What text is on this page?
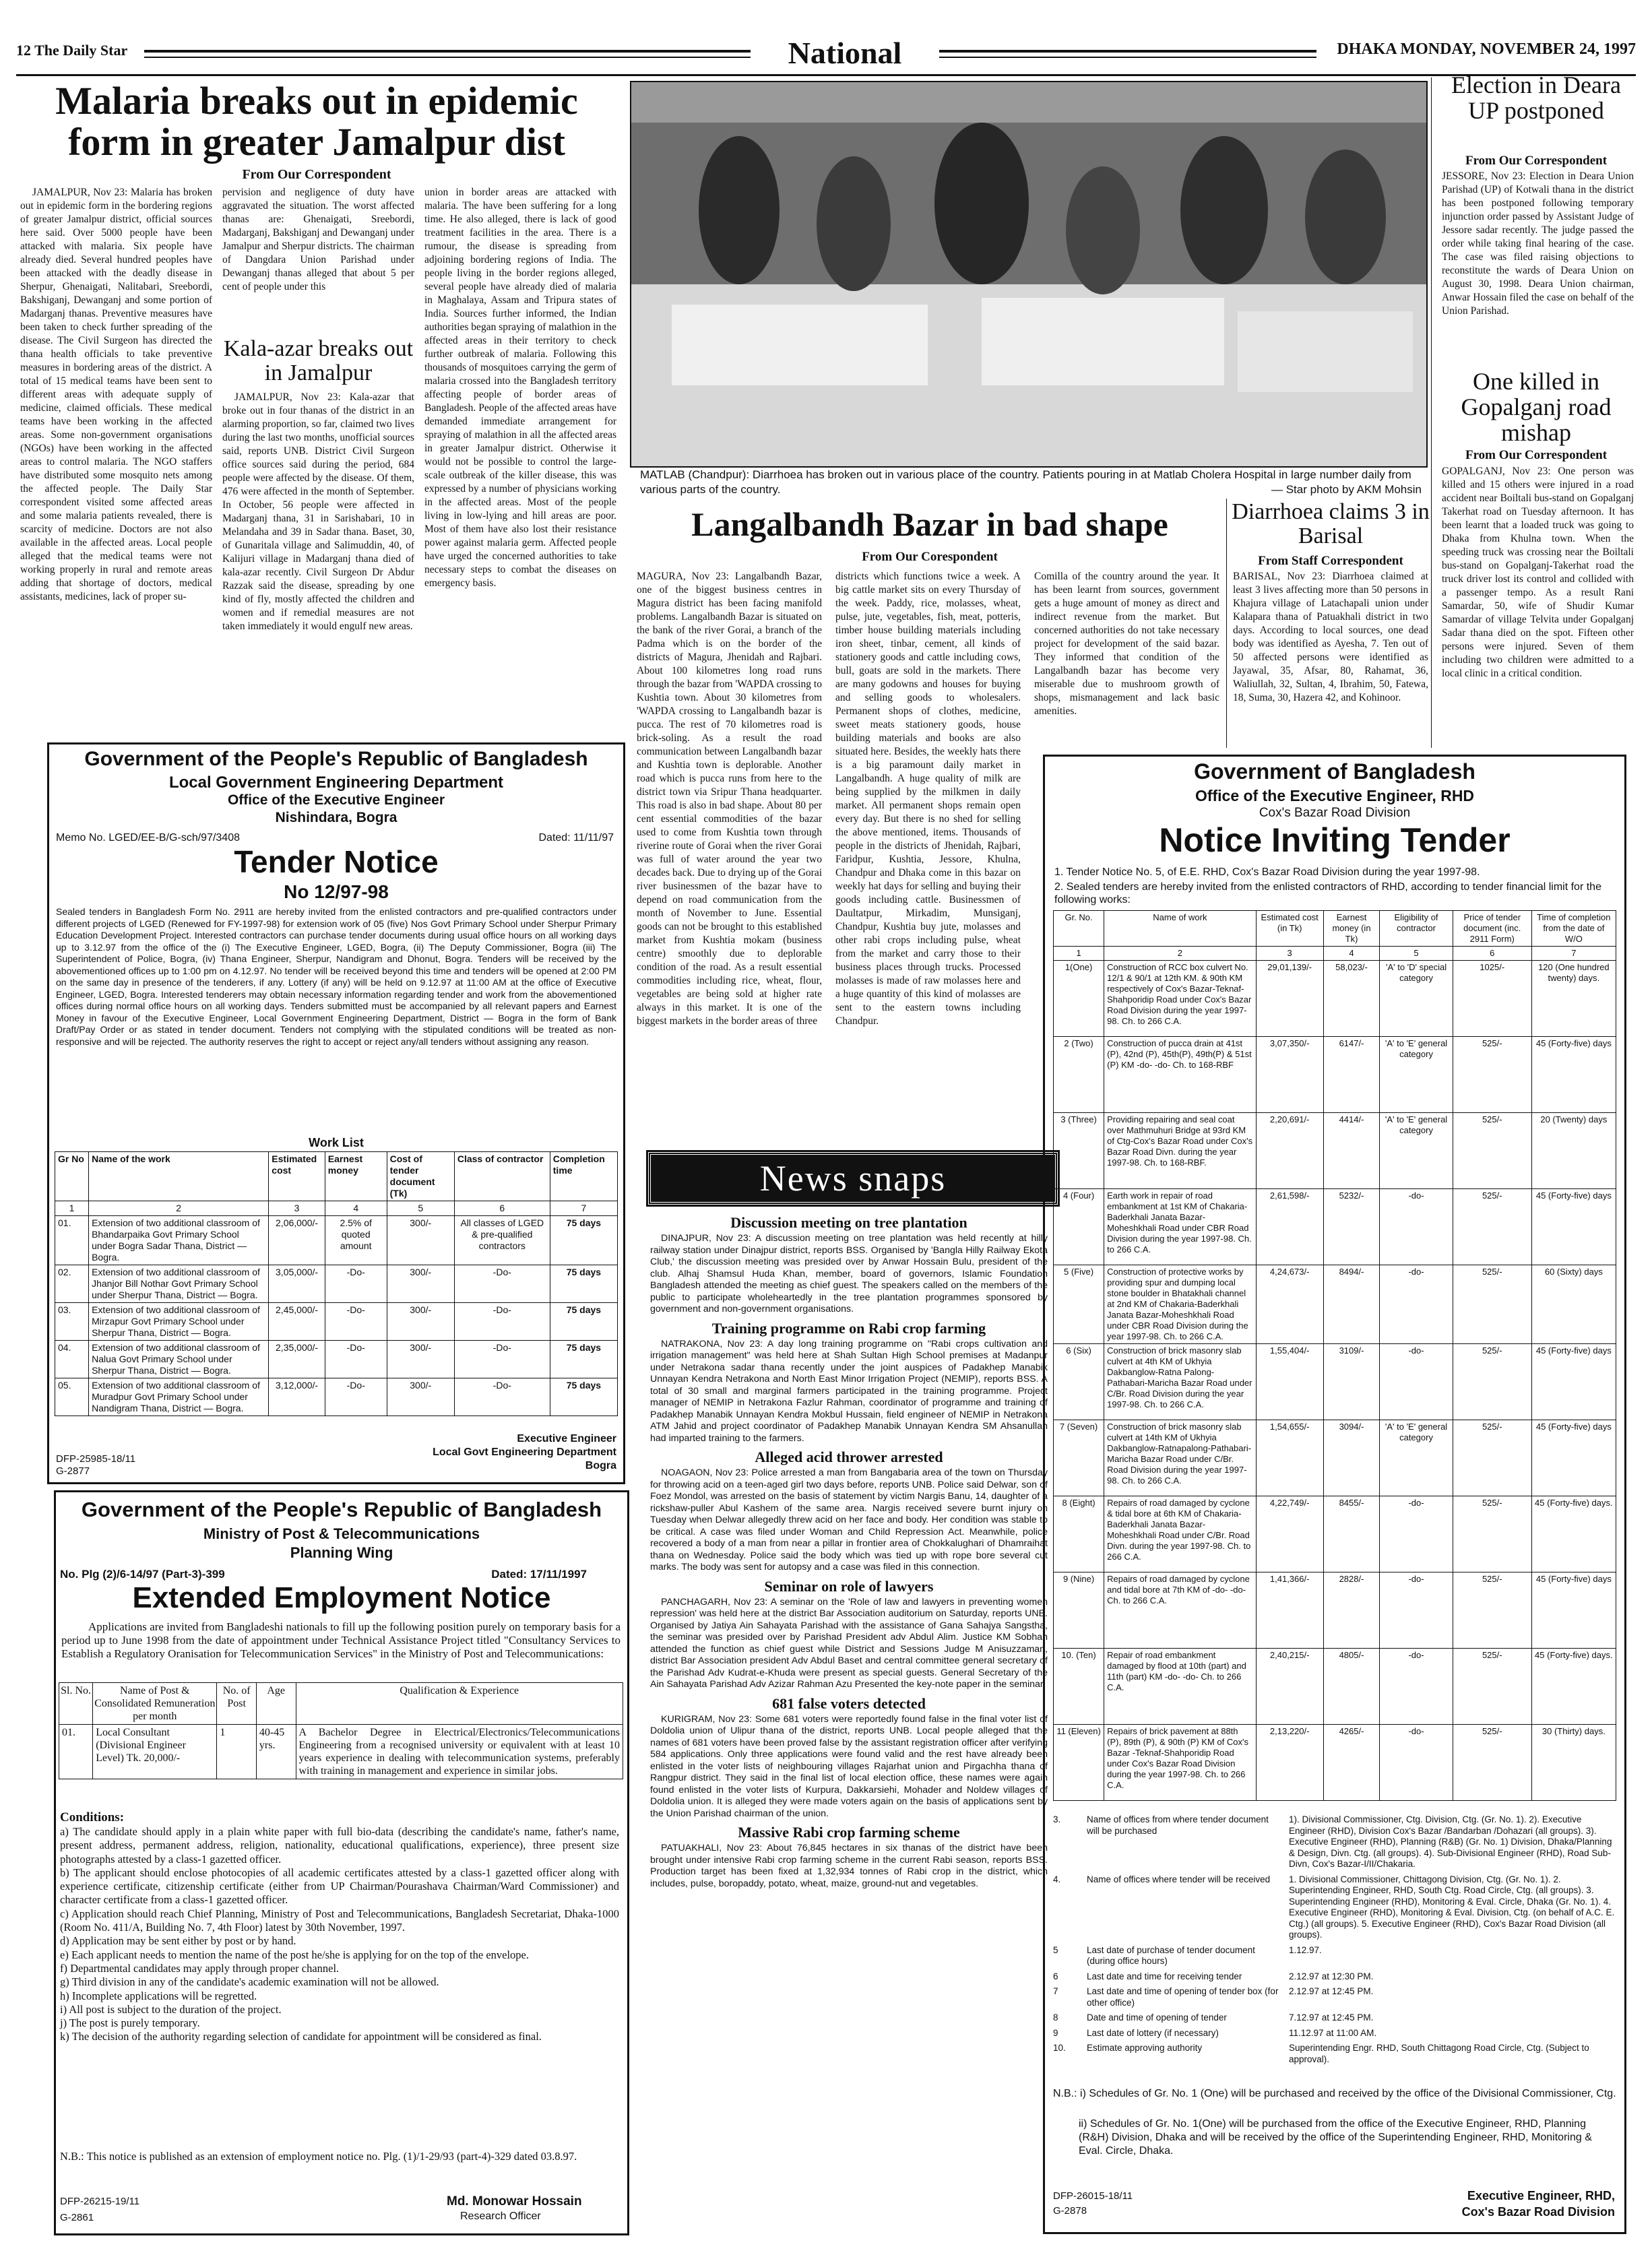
12 The Daily Star	National	DHAKA MONDAY, NOVEMBER 24, 1997
Malaria breaks out in epidemic form in greater Jamalpur dist
From Our Correspondent
JAMALPUR, Nov 23: Malaria has broken out in epidemic form in the bordering regions of greater Jamalpur district, official sources here said. Over 5000 people have been attacked with malaria. Six people have already died. Several hundred peoples have been attacked with the deadly disease in Sherpur, Ghenaigati, Nalitabari, Sreebordi, Bakshiganj, Dewanganj and some portion of Madarganj thanas. Preventive measures have been taken to check further spreading of the disease. The Civil Surgeon has directed the thana health officials to take preventive measures in bordering areas of the district. A total of 15 medical teams have been sent to different areas with adequate supply of medicine, claimed officials. These medical teams have been working in the affected areas. Some non-government organisations (NGOs) have been working in the affected areas to control malaria. The NGO staffers have distributed some mosquito nets among the affected people. The Daily Star correspondent visited some affected areas and some malaria patients revealed, there is scarcity of medicine. Doctors are not also available in the affected areas. Local people alleged that the medical teams were not working properly in rural and remote areas adding that shortage of doctors, medical assistants, medicines, lack of proper su-
pervision and negligence of duty have aggravated the situation. The worst affected thanas are: Ghenaigati, Sreebordi, Madarganj, Bakshiganj and Dewanganj under Jamalpur and Sherpur districts. The chairman of Dangdara Union Parishad under Dewanganj thanas alleged that about 5 per cent of people under this
Kala-azar breaks out in Jamalpur
JAMALPUR, Nov 23: Kala-azar that broke out in four thanas of the district in an alarming proportion, so far, claimed two lives during the last two months, unofficial sources said, reports UNB. District Civil Surgeon office sources said during the period, 684 people were affected by the disease. Of them, 476 were affected in the month of September. In October, 56 people were affected in Madarganj thana, 31 in Sarishabari, 10 in Melandaha and 39 in Sadar thana. Baset, 30, of Gunaritala village and Salimuddin, 40, of Kalijuri village in Madarganj thana died of kala-azar recently. Civil Surgeon Dr Abdur Razzak said the disease, spreading by one kind of fly, mostly affected the children and women and if remedial measures are not taken immediately it would engulf new areas.
union in border areas are attacked with malaria. The have been suffering for a long time. He also alleged, there is lack of good treatment facilities in the area. There is a rumour, the disease is spreading from adjoining bordering regions of India. The people living in the border regions alleged, several people have already died of malaria in Maghalaya, Assam and Tripura states of India. Sources further informed, the Indian authorities began spraying of malathion in the affected areas in their territory to check further outbreak of malaria. Following this thousands of mosquitoes carrying the germ of malaria crossed into the Bangladesh territory affecting people of border areas of Bangladesh. People of the affected areas have demanded immediate arrangement for spraying of malathion in all the affected areas in greater Jamalpur district. Otherwise it would not be possible to control the large-scale outbreak of the killer disease, this was expressed by a number of physicians working in the affected areas. Most of the people living in low-lying and hill areas are poor. Most of them have also lost their resistance power against malaria germ. Affected people have urged the concerned authorities to take necessary steps to combat the diseases on emergency basis.
MATLAB (Chandpur): Diarrhoea has broken out in various place of the country. Patients pouring in at Matlab Cholera Hospital in large number daily from various parts of the country.	— Star photo by AKM Mohsin
Election in Deara UP postponed
From Our Correspondent
JESSORE, Nov 23: Election in Deara Union Parishad (UP) of Kotwali thana in the district has been postponed following temporary injunction order passed by Assistant Judge of Jessore sadar recently. The judge passed the order while taking final hearing of the case. The case was filed raising objections to reconstitute the wards of Deara Union on August 30, 1998. Deara Union chairman, Anwar Hossain filed the case on behalf of the Union Parishad.
One killed in Gopalganj road mishap
From Our Correspondent
GOPALGANJ, Nov 23: One person was killed and 15 others were injured in a road accident near Boiltali bus-stand on Gopalganj Takerhat road on Tuesday afternoon. It has been learnt that a loaded truck was going to Dhaka from Khulna town. When the speeding truck was crossing near the Boiltali bus-stand on Gopalganj-Takerhat road the truck driver lost its control and collided with a passenger tempo. As a result Rani Samardar, 50, wife of Shudir Kumar Samardar of village Telvita under Gopalganj Sadar thana died on the spot. Fifteen other persons were injured. Seven of them including two children were admitted to a local clinic in a critical condition.
Diarrhoea claims 3 in Barisal
From Staff Correspondent
BARISAL, Nov 23: Diarrhoea claimed at least 3 lives affecting more than 50 persons in Khajura village of Latachapali union under Kalapara thana of Patuakhali district in two days. According to local sources, one dead body was identified as Ayesha, 7. Ten out of 50 affected persons were identified as Jayawal, 35, Afsar, 80, Rahamat, 36, Waliullah, 32, Sultan, 4, Ibrahim, 50, Fatewa, 18, Suma, 30, Hazera 42, and Kohinoor.
Langalbandh Bazar in bad shape
From Our Corespondent
MAGURA, Nov 23: Langalbandh Bazar, one of the biggest business centres in Magura district has been facing manifold problems. Langalbandh Bazar is situated on the bank of the river Gorai, a branch of the Padma which is on the border of the districts of Magura, Jhenidah and Rajbari. About 100 kilometres long road runs through the bazar from 'WAPDA crossing to Kushtia town. About 30 kilometres from 'WAPDA crossing to Langalbandh bazar is pucca. The rest of 70 kilometres road is brick-soling. As a result the road communication between Langalbandh bazar and Kushtia town is deplorable. Another road which is pucca runs from here to the district town via Sripur Thana headquarter. This road is also in bad shape. About 80 per cent essential commodities of the bazar used to come from Kushtia town through riverine route of Gorai when the river Gorai was full of water around the year two decades back. Due to drying up of the Gorai river businessmen of the bazar have to depend on road communication from the month of November to June. Essential goods can not be brought to this established market from Kushtia mokam (business centre) smoothly due to deplorable condition of the road. As a result essential commodities including rice, wheat, flour, vegetables are being sold at higher rate always in this market. It is one of the biggest markets in the border areas of three
districts which functions twice a week. A big cattle market sits on every Thursday of the week. Paddy, rice, molasses, wheat, pulse, jute, vegetables, fish, meat, potteris, timber house building materials including iron sheet, tinbar, cement, all kinds of stationery goods and cattle including cows, bull, goats are sold in the markets. There are many godowns and houses for buying and selling goods to wholesalers. Permanent shops of clothes, medicine, sweet meats stationery goods, house building materials and books are also situated here. Besides, the weekly hats there is a big paramount daily market in Langalbandh. A huge quality of milk are being supplied by the milkmen in daily market. All permanent shops remain open every day. But there is no shed for selling the above mentioned, items. Thousands of people in the districts of Jhenidah, Rajbari, Faridpur, Kushtia, Jessore, Khulna, Chandpur and Dhaka come in this bazar on weekly hat days for selling and buying their goods including cattle. Businessmen of Daultatpur, Mirkadim, Munsiganj, Chandpur, Kushtia buy jute, molasses and other rabi crops including pulse, wheat from the market and carry those to their business places through trucks. Processed molasses is made of raw molasses here and a huge quantity of this kind of molasses are sent to the eastern towns including Chandpur.
Comilla of the country around the year. It has been learnt from sources, government gets a huge amount of money as direct and indirect revenue from the market. But concerned authorities do not take necessary project for development of the said bazar. They informed that condition of the Langalbandh bazar has become very miserable due to mushroom growth of shops, mismanagement and lack basic amenities.
Government of the People's Republic of Bangladesh
Local Government Engineering Department
Office of the Executive Engineer
Nishindara, Bogra
Memo No. LGED/EE-B/G-sch/97/3408	Dated: 11/11/97
Tender Notice
No 12/97-98
Sealed tenders in Bangladesh Form No. 2911 are hereby invited from the enlisted contractors and pre-qualified contractors under different projects of LGED (Renewed for FY-1997-98) for extension work of 05 (five) Nos Govt Primary School under Sherpur Primary Education Development Project. Interested contractors can purchase tender documents during usual office hours on all working days up to 3.12.97 from the office of the (i) The Executive Engineer, LGED, Bogra, (ii) The Deputy Commissioner, Bogra (iii) The Superintendent of Police, Bogra, (iv) Thana Engineer, Sherpur, Nandigram and Dhonut, Bogra. Tenders will be received by the abovementioned offices up to 1:00 pm on 4.12.97. No tender will be received beyond this time and tenders will be opened at 2:00 PM on the same day in presence of the tenderers, if any. Lottery (if any) will be held on 9.12.97 at 11:00 AM at the office of Executive Engineer, LGED, Bogra. Interested tenderers may obtain necessary information regarding tender and work from the abovementioned offices during normal office hours on all working days. Tenders submitted must be accompanied by all relevant papers and Earnest Money in favour of the Executive Engineer, Local Government Engineering Department, District — Bogra in the form of Bank Draft/Pay Order or as stated in tender document. Tenders not complying with the stipulated conditions will be treated as non-responsive and will be rejected. The authority reserves the right to accept or reject any/all tenders without assigning any reason.
Work List
Gr No	Name of the work	Estimated cost	Earnest money	Cost of tender document (Tk)	Class of contractor	Completion time
1	2	3	4	5	6	7
01.	Extension of two additional classroom of Bhandarpaika Govt Primary School under Bogra Sadar Thana, District — Bogra.	2,06,000/-	2.5% of quoted amount	300/-	All classes of LGED & pre-qualified contractors	75 days
02.	Extension of two additional classroom of Jhanjor Bill Nothar Govt Primary School under Sherpur Thana, District — Bogra.	3,05,000/-	-Do-	300/-	-Do-	75 days
03.	Extension of two additional classroom of Mirzapur Govt Primary School under Sherpur Thana, District — Bogra.	2,45,000/-	-Do-	300/-	-Do-	75 days
04.	Extension of two additional classroom of Nalua Govt Primary School under Sherpur Thana, District — Bogra.	2,35,000/-	-Do-	300/-	-Do-	75 days
05.	Extension of two additional classroom of Muradpur Govt Primary School under Nandigram Thana, District — Bogra.	3,12,000/-	-Do-	300/-	-Do-	75 days
Executive Engineer
Local Govt Engineering Department
Bogra
DFP-25985-18/11
G-2877
Government of the People's Republic of Bangladesh
Ministry of Post & Telecommunications
Planning Wing
No. Plg (2)/6-14/97 (Part-3)-399	Dated: 17/11/1997
Extended Employment Notice
Applications are invited from Bangladeshi nationals to fill up the following position purely on temporary basis for a period up to June 1998 from the date of appointment under Technical Assistance Project titled "Consultancy Services to Establish a Regulatory Oranisation for Telecommunication Services" in the Ministry of Post and Telecommunications:
Sl. No.	Name of Post & Consolidated Remuneration per month	No. of Post	Age	Qualification & Experience
01.	Local Consultant (Divisional Engineer Level) Tk. 20,000/-	1	40-45 yrs.	A Bachelor Degree in Electrical/Electronics/Telecommunications Engineering from a recognised university or equivalent with at least 10 years experience in dealing with telecommunication systems, preferably with training in management and experience in similar jobs.
Conditions:
a) The candidate should apply in a plain white paper with full bio-data (describing the candidate's name, father's name, present address, permanent address, religion, nationality, educational qualifications, experience), three present size photographs attested by a class-1 gazetted officer.
b) The applicant should enclose photocopies of all academic certificates attested by a class-1 gazetted officer along with experience certificate, citizenship certificate (either from UP Chairman/Pourashava Chairman/Ward Commissioner) and character certificate from a class-1 gazetted officer.
c) Application should reach Chief Planning, Ministry of Post and Telecommunications, Bangladesh Secretariat, Dhaka-1000 (Room No. 411/A, Building No. 7, 4th Floor) latest by 30th November, 1997.
d) Application may be sent either by post or by hand.
e) Each applicant needs to mention the name of the post he/she is applying for on the top of the envelope.
f) Departmental candidates may apply through proper channel.
g) Third division in any of the candidate's academic examination will not be allowed.
h) Incomplete applications will be regretted.
i) All post is subject to the duration of the project.
j) The post is purely temporary.
k) The decision of the authority regarding selection of candidate for appointment will be considered as final.
N.B.: This notice is published as an extension of employment notice no. Plg. (1)/1-29/93 (part-4)-329 dated 03.8.97.
DFP-26215-19/11
G-2861
Md. Monowar Hossain
Research Officer
News snaps
Discussion meeting on tree plantation
DINAJPUR, Nov 23: A discussion meeting on tree plantation was held recently at hilly railway station under Dinajpur district, reports BSS. Organised by 'Bangla Hilly Railway Ekota Club,' the discussion meeting was presided over by Anwar Hossain Bulu, president of the club. Alhaj Shamsul Huda Khan, member, board of governors, Islamic Foundation Bangladesh attended the meeting as chief guest. The speakers called on the members of the public to participate wholeheartedly in the tree plantation programmes sponsored by government and non-government organisations.
Training programme on Rabi crop farming
NATRAKONA, Nov 23: A day long training programme on "Rabi crops cultivation and irrigation management" was held here at Shah Sultan High School premises at Madanpur under Netrakona sadar thana recently under the joint auspices of Padakhep Manabik Unnayan Kendra Netrakona and North East Minor Irrigation Project (NEMIP), reports BSS. A total of 30 small and marginal farmers participated in the training programme. Project manager of NEMIP in Netrakona Fazlur Rahman, coordinator of programme and training of Padakhep Manabik Unnayan Kendra Mokbul Hussain, field engineer of NEMIP in Netrakona ATM Jahid and project coordinator of Padakhep Manabik Unnayan Kendra SM Ahsanullah had imparted training to the farmers.
Alleged acid thrower arrested
NOAGAON, Nov 23: Police arrested a man from Bangabaria area of the town on Thursday for throwing acid on a teen-aged girl two days before, reports UNB. Police said Delwar, son of Foez Mondol, was arrested on the basis of statement by victim Nargis Banu, 14, daughter of a rickshaw-puller Abul Kashem of the same area. Nargis received severe burnt injury on Tuesday when Delwar allegedly threw acid on her face and body. Her condition was stable to be critical. A case was filed under Woman and Child Repression Act. Meanwhile, police recovered a body of a man from near a pillar in frontier area of Chokkalughari of Dhamraihat thana on Wednesday. Police said the body which was tied up with rope bore several cut marks. The body was sent for autopsy and a case was filed in this connection.
Seminar on role of lawyers
PANCHAGARH, Nov 23: A seminar on the 'Role of law and lawyers in preventing women repression' was held here at the district Bar Association auditorium on Saturday, reports UNB. Organised by Jatiya Ain Sahayata Parishad with the assistance of Gana Sahajya Sangstha, the seminar was presided over by Parishad President adv Abdul Alim. Justice KM Sobhan attended the function as chief guest while District and Sessions Judge M Anisuzzaman, district Bar Association president Adv Abdul Baset and central committee general secretary of the Parishad Adv Kudrat-e-Khuda were present as special guests. General Secretary of the Ain Sahayata Parishad Adv Azizar Rahman Azu Presented the key-note paper in the seminar.
681 false voters detected
KURIGRAM, Nov 23: Some 681 voters were reportedly found false in the final voter list of Doldolia union of Ulipur thana of the district, reports UNB. Local people alleged that the names of 681 voters have been proved false by the assistant registration officer after verifying 584 applications. Only three applications were found valid and the rest have already been enlisted in the voter lists of neighbouring villages Rajarhat union and Pirgachha thana of Rangpur district. They said in the final list of local election office, these names were again found enlisted in the voter lists of Kurpura, Dakkarsiehi, Mohader and Noldew villages of Doldolia union. It is alleged they were made voters again on the basis of applications sent by the Union Parishad chairman of the union.
Massive Rabi crop farming scheme
PATUAKHALI, Nov 23: About 76,845 hectares in six thanas of the district have been brought under intensive Rabi crop farming scheme in the current Rabi season, reports BSS. Production target has been fixed at 1,32,934 tonnes of Rabi crop in the district, which includes, pulse, boropaddy, potato, wheat, maize, ground-nut and vegetables.
Government of Bangladesh
Office of the Executive Engineer, RHD
Cox's Bazar Road Division
Notice Inviting Tender
1. Tender Notice No. 5, of E.E. RHD, Cox's Bazar Road Division during the year 1997-98.
2. Sealed tenders are hereby invited from the enlisted contractors of RHD, according to tender financial limit for the following works:
Gr. No.	Name of work	Estimated cost (in Tk)	Earnest money (in Tk)	Eligibility of contractor	Price of tender document (inc. 2911 Form)	Time of completion from the date of W/O
1	2	3	4	5	6	7
1(One)	Construction of RCC box culvert No. 12/1 & 90/1 at 12th KM. & 90th KM respectively of Cox's Bazar-Teknaf-Shahporidip Road under Cox's Bazar Road Division during the year 1997-98. Ch. to 266 C.A.	29,01,139/-	58,023/-	'A' to 'D' special category	1025/-	120 (One hundred twenty) days.
2 (Two)	Construction of pucca drain at 41st (P), 42nd (P), 45th(P), 49th(P) & 51st (P) KM -do- -do- Ch. to 168-RBF	3,07,350/-	6147/-	'A' to 'E' general category	525/-	45 (Forty-five) days
3 (Three)	Providing repairing and seal coat over Mathmuhuri Bridge at 93rd KM of Ctg-Cox's Bazar Road under Cox's Bazar Road Divn. during the year 1997-98. Ch. to 168-RBF.	2,20,691/-	4414/-	'A' to 'E' general category	525/-	20 (Twenty) days
4 (Four)	Earth work in repair of road embankment at 1st KM of Chakaria-Baderkhali Janata Bazar-Moheshkhali Road under CBR Road Division during the year 1997-98. Ch. to 266 C.A.	2,61,598/-	5232/-	-do-	525/-	45 (Forty-five) days
5 (Five)	Construction of protective works by providing spur and dumping local stone boulder in Bhatakhali channel at 2nd KM of Chakaria-Baderkhali Janata Bazar-Moheshkhali Road under CBR Road Division during the year 1997-98. Ch. to 266 C.A.	4,24,673/-	8494/-	-do-	525/-	60 (Sixty) days
6 (Six)	Construction of brick masonry slab culvert at 4th KM of Ukhyia Dakbanglow-Ratna Palong-Pathabari-Maricha Bazar Road under C/Br. Road Division during the year 1997-98. Ch. to 266 C.A.	1,55,404/-	3109/-	-do-	525/-	45 (Forty-five) days
7 (Seven)	Construction of brick masonry slab culvert at 14th KM of Ukhyia Dakbanglow-Ratnapalong-Pathabari-Maricha Bazar Road under C/Br. Road Division during the year 1997-98. Ch. to 266 C.A.	1,54,655/-	3094/-	'A' to 'E' general category	525/-	45 (Forty-five) days
8 (Eight)	Repairs of road damaged by cyclone & tidal bore at 6th KM of Chakaria-Baderkhali Janata Bazar-Moheshkhali Road under C/Br. Road Divn. during the year 1997-98. Ch. to 266 C.A.	4,22,749/-	8455/-	-do-	525/-	45 (Forty-five) days.
9 (Nine)	Repairs of road damaged by cyclone and tidal bore at 7th KM of -do- -do- Ch. to 266 C.A.	1,41,366/-	2828/-	-do-	525/-	45 (Forty-five) days
10. (Ten)	Repair of road embankment damaged by flood at 10th (part) and 11th (part) KM -do- -do- Ch. to 266 C.A.	2,40,215/-	4805/-	-do-	525/-	45 (Forty-five) days.
11 (Eleven)	Repairs of brick pavement at 88th (P), 89th (P), & 90th (P) KM of Cox's Bazar -Teknaf-Shahporidip Road under Cox's Bazar Road Division during the year 1997-98. Ch. to 266 C.A.	2,13,220/-	4265/-	-do-	525/-	30 (Thirty) days.
3.	Name of offices from where tender document will be purchased
1). Divisional Commissioner, Ctg. Division, Ctg. (Gr. No. 1). 2). Executive Engineer (RHD), Division Cox's Bazar /Bandarban /Dohazari (all groups). 3). Executive Engineer (RHD), Planning (R&B) (Gr. No. 1) Division, Dhaka/Planning & Design, Divn. Ctg. (all groups). 4). Sub-Divisional Engineer (RHD), Road Sub-Divn, Cox's Bazar-I/II/Chakaria.
4.	Name of offices where tender will be received	1. Divisional Commissioner, Chittagong Division, Ctg. (Gr. No. 1). 2. Superintending Engineer, RHD, South Ctg. Road Circle, Ctg. (all groups). 3. Superintending Engineer (RHD), Monitoring & Eval. Circle, Dhaka (Gr. No. 1). 4. Executive Engineer (RHD), Monitoring & Eval. Division, Ctg. (on behalf of A.C. E. Ctg.) (all groups). 5. Executive Engineer (RHD), Cox's Bazar Road Division (all groups).
5	Last date of purchase of tender document (during office hours)
1.12.97.
6	Last date and time for receiving tender	2.12.97 at 12:30 PM.
7	Last date and time of opening of tender box (for other office)
2.12.97 at 12:45 PM.
8	Date and time of opening of tender	7.12.97 at 12:45 PM.
9	Last date of lottery (if necessary)	11.12.97 at 11:00 AM.
10.	Estimate approving authority	Superintending Engr. RHD, South Chittagong Road Circle, Ctg. (Subject to approval).
N.B.: i) Schedules of Gr. No. 1 (One) will be purchased and received by the office of the Divisional Commissioner, Ctg.
ii) Schedules of Gr. No. 1(One) will be purchased from the office of the Executive Engineer, RHD, Planning (R&H) Division, Dhaka and will be received by the office of the Superintending Engineer, RHD, Monitoring & Eval. Circle, Dhaka.
DFP-26015-18/11
G-2878
Executive Engineer, RHD,
Cox's Bazar Road Division
